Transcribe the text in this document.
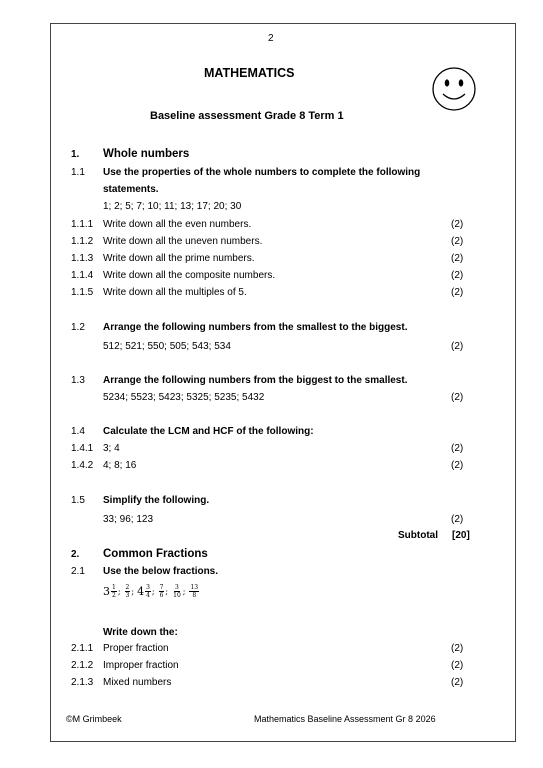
2
MATHEMATICS
Baseline assessment Grade 8 Term 1
1. Whole numbers
1.1 Use the properties of the whole numbers to complete the following
statements.
1; 2; 5; 7; 10; 11; 13; 17; 20; 30
1.1.1 Write down all the even numbers.	(2)
1.1.2 Write down all the uneven numbers.	(2)
1.1.3 Write down all the prime numbers.	(2)
1.1.4 Write down all the composite numbers.	(2)
1.1.5 Write down all the multiples of 5.	(2)
1.2 Arrange the following numbers from the smallest to the biggest.
512; 521; 550; 505; 543; 534	(2)
1.3 Arrange the following numbers from the biggest to the smallest.
5234; 5523; 5423; 5325; 5235; 5432	(2)
1.4 Calculate the LCM and HCF of the following:
1.4.1 3; 4	(2)
1.4.2 4; 8; 16	(2)
1.5 Simplify the following.
33; 96; 123	(2)
2. Common Fractions
2.1 Use the below fractions.
Write down the:
2.1.1 Proper fraction	(2)
2.1.2 Improper fraction	(2)
2.1.3 Mixed numbers	(2)
Subtotal [20]
$3 \frac{1}{2}$ ; $\frac{2}{3}$ ; $4 \frac{3}{4}$ ; $\frac{7}{6}$ ; $\frac{3}{10}$ ; $\frac{13}{8}$
©M Grimbeek	Mathematics Baseline Assessment Gr 8 2026
